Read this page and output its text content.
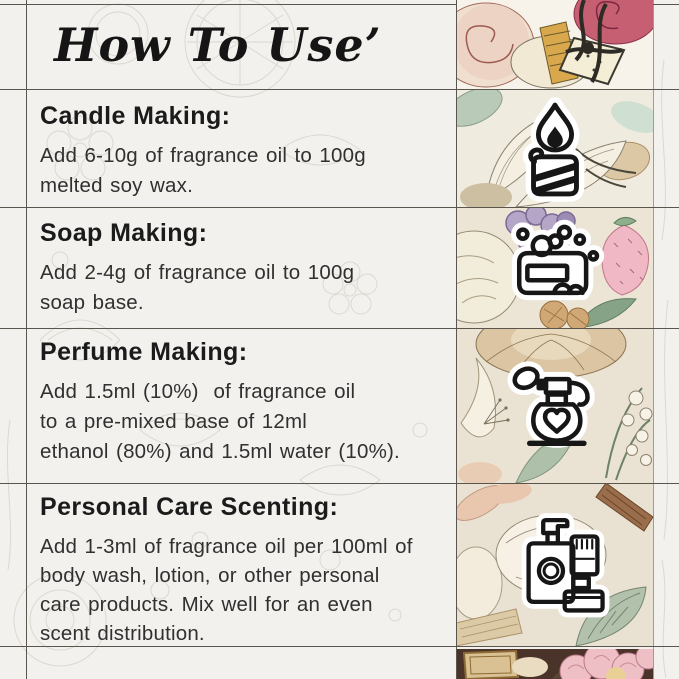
How To Use’
Candle Making:
Add 6-10g of fragrance oil to 100g
melted soy wax.
Soap Making:
Add 2-4g of fragrance oil to 100g
soap base.
Perfume Making:
Add 1.5ml (10%)  of fragrance oil
to a pre-mixed base of 12ml
ethanol (80%) and 1.5ml water (10%).
Personal Care Scenting:
Add 1-3ml of fragrance oil per 100ml of
body wash, lotion, or other personal
care products. Mix well for an even
scent distribution.
